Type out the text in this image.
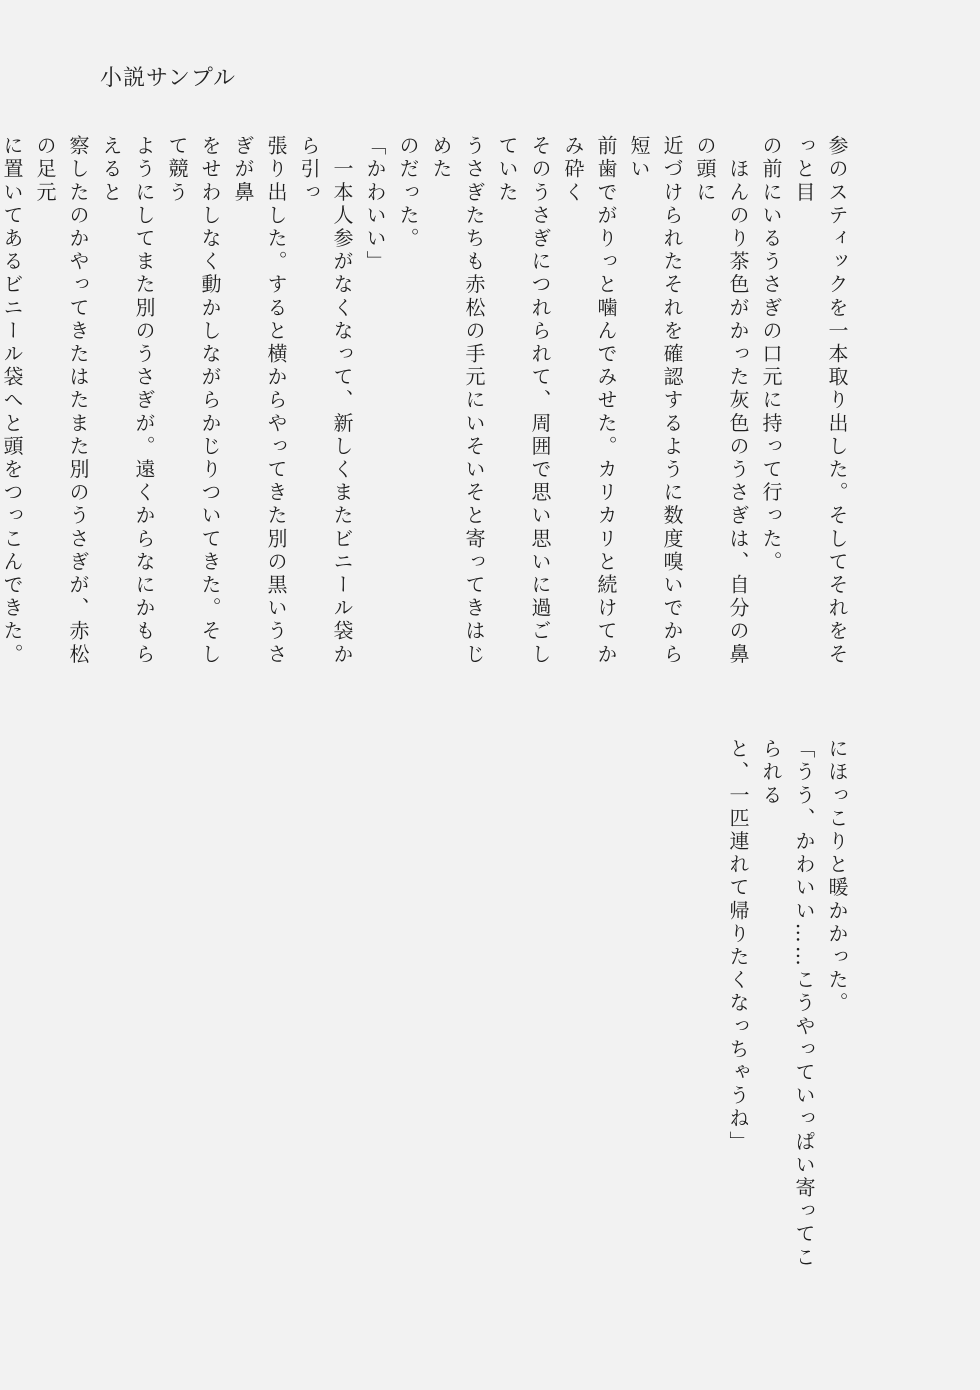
小説サンプル

参のスティックを一本取り出した。そしてそれをそっと目

の前にいるうさぎの口元に持って行った。

　ほんのり茶色がかった灰色のうさぎは、自分の鼻の頭に

近づけられたそれを確認するように数度嗅いでから短い

前歯でがりっと噛んでみせた。カリカリと続けてかみ砕く

そのうさぎにつれられて、周囲で思い思いに過ごしていた

うさぎたちも赤松の手元にいそいそと寄ってきはじめた

のだった。

「かわいい」

　一本人参がなくなって、新しくまたビニール袋から引っ

張り出した。すると横からやってきた別の黒いうさぎが鼻

をせわしなく動かしながらかじりついてきた。そして競う

ようにしてまた別のうさぎが。遠くからなにかもらえると

察したのかやってきたはたまた別のうさぎが、赤松の足元

に置いてあるビニール袋へと頭をつっこんできた。

にほっこりと暖かかった。

「うう、かわいい……こうやっていっぱい寄ってこられる

と、一匹連れて帰りたくなっちゃうね」
